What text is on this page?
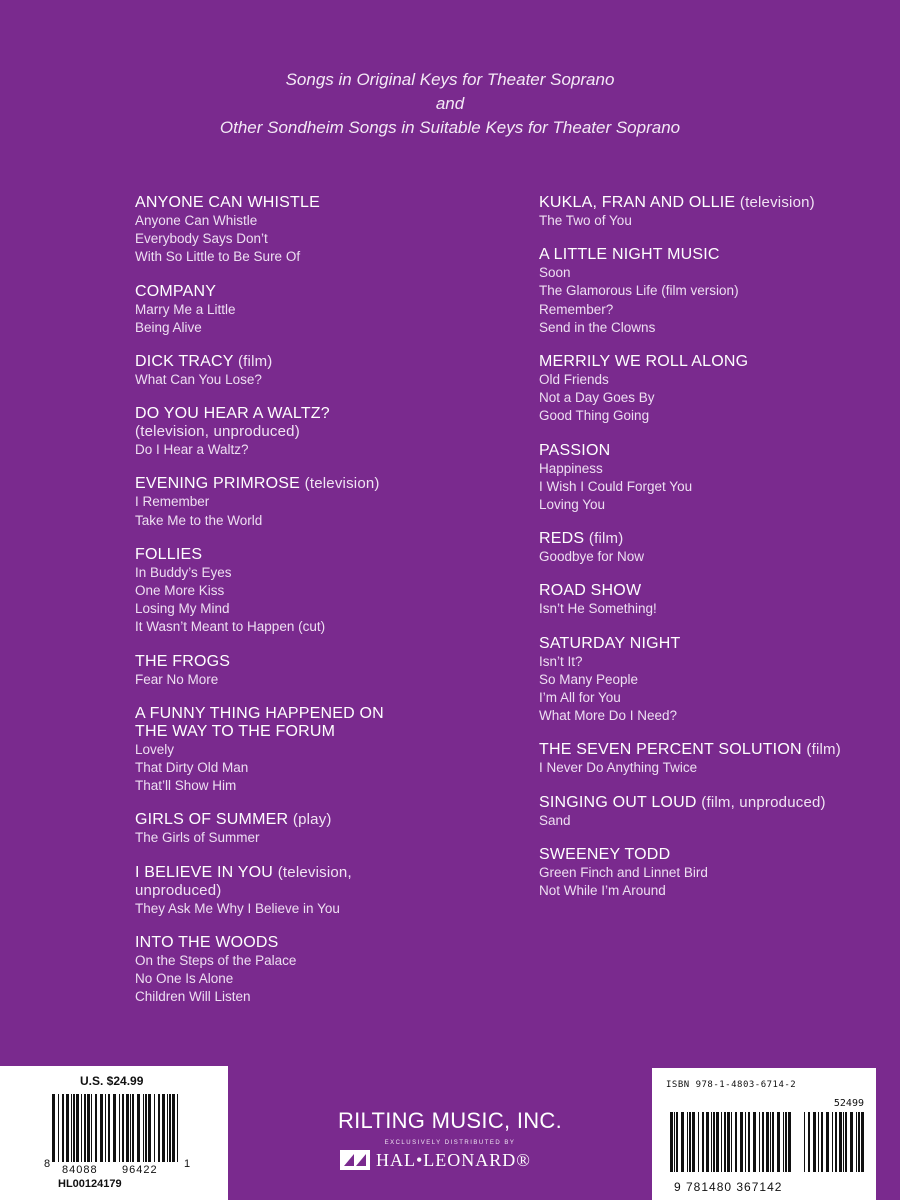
Songs in Original Keys for Theater Soprano
and
Other Sondheim Songs in Suitable Keys for Theater Soprano
ANYONE CAN WHISTLE
Anyone Can Whistle
Everybody Says Don’t
With So Little to Be Sure Of
COMPANY
Marry Me a Little
Being Alive
DICK TRACY (film)
What Can You Lose?
DO YOU HEAR A WALTZ? (television, unproduced)
Do I Hear a Waltz?
EVENING PRIMROSE (television)
I Remember
Take Me to the World
FOLLIES
In Buddy’s Eyes
One More Kiss
Losing My Mind
It Wasn’t Meant to Happen (cut)
THE FROGS
Fear No More
A FUNNY THING HAPPENED ON THE WAY TO THE FORUM
Lovely
That Dirty Old Man
That’ll Show Him
GIRLS OF SUMMER (play)
The Girls of Summer
I BELIEVE IN YOU (television, unproduced)
They Ask Me Why I Believe in You
INTO THE WOODS
On the Steps of the Palace
No One Is Alone
Children Will Listen
KUKLA, FRAN AND OLLIE (television)
The Two of You
A LITTLE NIGHT MUSIC
Soon
The Glamorous Life (film version)
Remember?
Send in the Clowns
MERRILY WE ROLL ALONG
Old Friends
Not a Day Goes By
Good Thing Going
PASSION
Happiness
I Wish I Could Forget You
Loving You
REDS (film)
Goodbye for Now
ROAD SHOW
Isn’t He Something!
SATURDAY NIGHT
Isn’t It?
So Many People
I’m All for You
What More Do I Need?
THE SEVEN PERCENT SOLUTION (film)
I Never Do Anything Twice
SINGING OUT LOUD (film, unproduced)
Sand
SWEENEY TODD
Green Finch and Linnet Bird
Not While I’m Around
U.S. $24.99
8 84088 96422 1
HL00124179
RILTING MUSIC, INC.
EXCLUSIVELY DISTRIBUTED BY
HAL•LEONARD®
ISBN 978-1-4803-6714-2
52499
9 781480 367142
